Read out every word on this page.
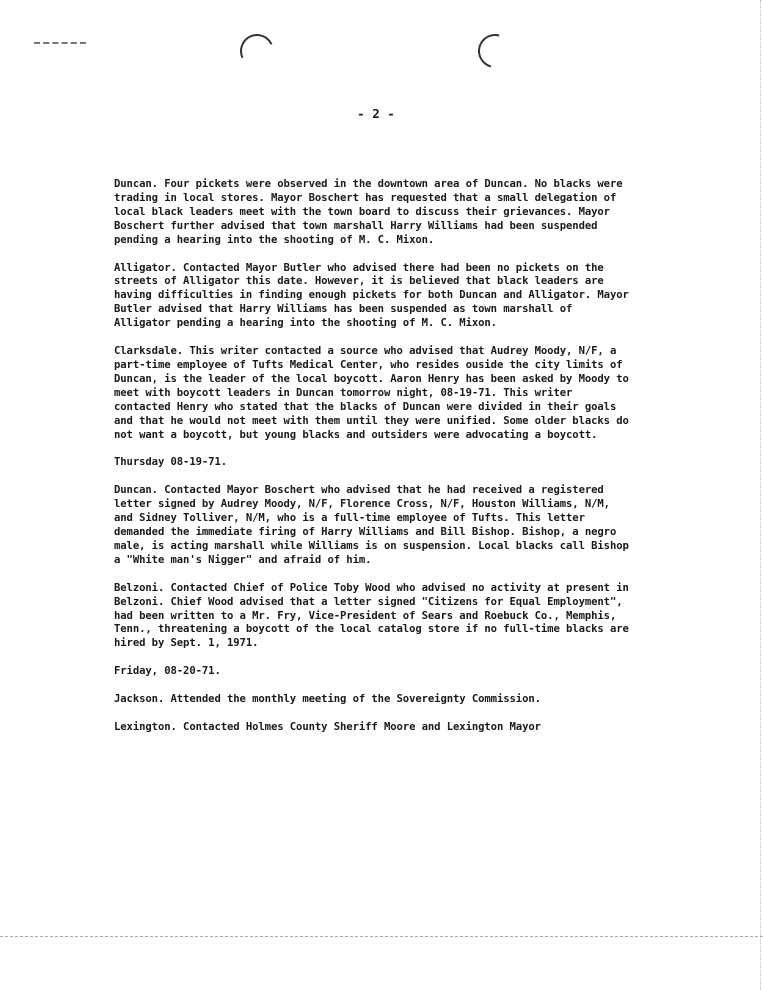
- 2 -

Duncan. Four pickets were observed in the downtown area of Duncan. No blacks were trading in local stores. Mayor Boschert has requested that a small delegation of local black leaders meet with the town board to discuss their grievances. Mayor Boschert further advised that town marshall Harry Williams had been suspended pending a hearing into the shooting of M. C. Mixon.

Alligator. Contacted Mayor Butler who advised there had been no pickets on the streets of Alligator this date. However, it is believed that black leaders are having difficulties in finding enough pickets for both Duncan and Alligator. Mayor Butler advised that Harry Williams has been suspended as town marshall of Alligator pending a hearing into the shooting of M. C. Mixon.

Clarksdale. This writer contacted a source who advised that Audrey Moody, N/F, a part-time employee of Tufts Medical Center, who resides ouside the city limits of Duncan, is the leader of the local boycott. Aaron Henry has been asked by Moody to meet with boycott leaders in Duncan tomorrow night, 08-19-71. This writer contacted Henry who stated that the blacks of Duncan were divided in their goals and that he would not meet with them until they were unified. Some older blacks do not want a boycott, but young blacks and outsiders were advocating a boycott.

Thursday 08-19-71.

Duncan. Contacted Mayor Boschert who advised that he had received a registered letter signed by Audrey Moody, N/F, Florence Cross, N/F, Houston Williams, N/M, and Sidney Tolliver, N/M, who is a full-time employee of Tufts. This letter demanded the immediate firing of Harry Williams and Bill Bishop. Bishop, a negro male, is acting marshall while Williams is on suspension. Local blacks call Bishop a "White man's Nigger" and afraid of him.

Belzoni. Contacted Chief of Police Toby Wood who advised no activity at present in Belzoni. Chief Wood advised that a letter signed "Citizens for Equal Employment", had been written to a Mr. Fry, Vice-President of Sears and Roebuck Co., Memphis, Tenn., threatening a boycott of the local catalog store if no full-time blacks are hired by Sept. 1, 1971.

Friday, 08-20-71.

Jackson. Attended the monthly meeting of the Sovereignty Commission.

Lexington. Contacted Holmes County Sheriff Moore and Lexington Mayor
